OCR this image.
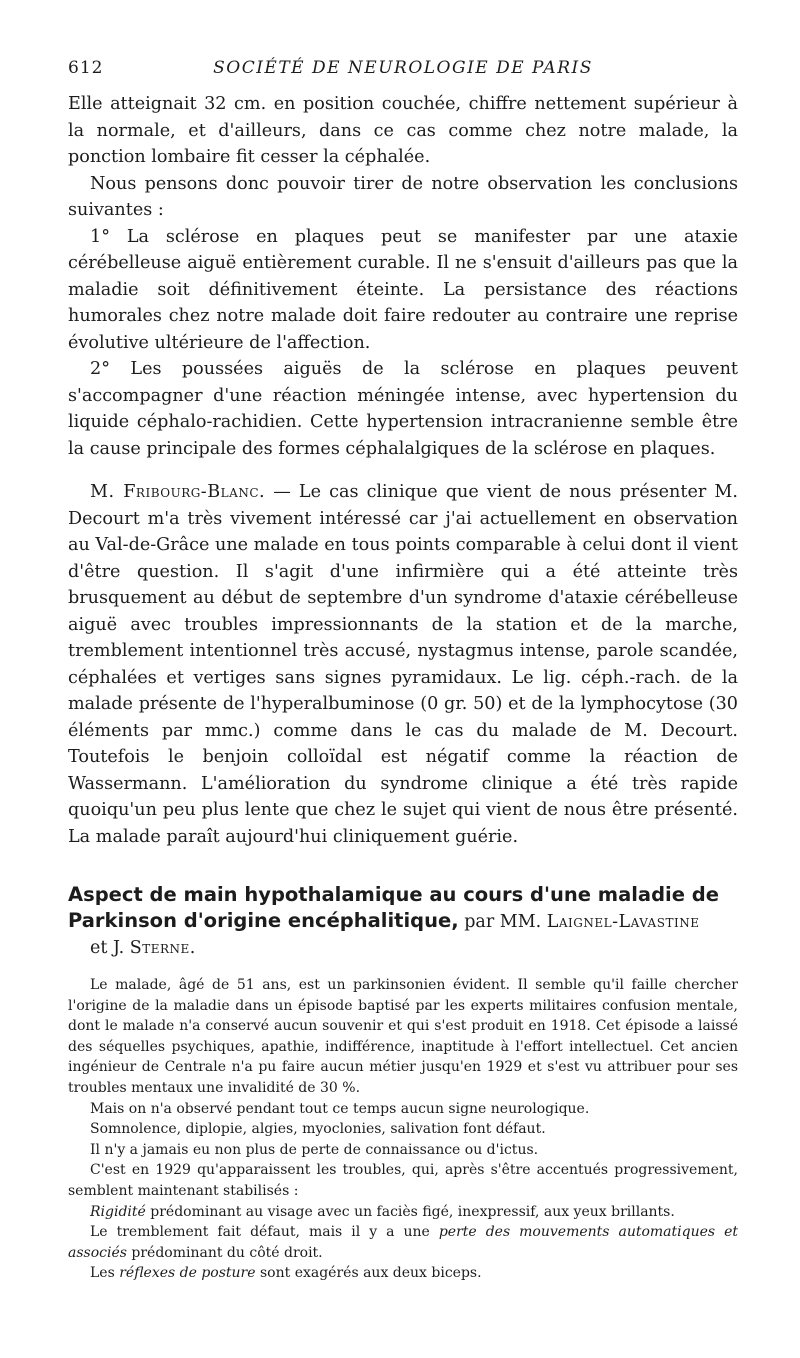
612	SOCIÉTÉ DE NEUROLOGIE DE PARIS

Elle atteignait 32 cm. en position couchée, chiffre nettement supérieur à la normale, et d'ailleurs, dans ce cas comme chez notre malade, la ponction lombaire fit cesser la céphalée.

Nous pensons donc pouvoir tirer de notre observation les conclusions suivantes :

1° La sclérose en plaques peut se manifester par une ataxie cérébelleuse aiguë entièrement curable. Il ne s'ensuit d'ailleurs pas que la maladie soit définitivement éteinte. La persistance des réactions humorales chez notre malade doit faire redouter au contraire une reprise évolutive ultérieure de l'affection.

2° Les poussées aiguës de la sclérose en plaques peuvent s'accompagner d'une réaction méningée intense, avec hypertension du liquide céphalo-rachidien. Cette hypertension intracranienne semble être la cause principale des formes céphalalgiques de la sclérose en plaques.

M. Fribourg-Blanc. — Le cas clinique que vient de nous présenter M. Decourt m'a très vivement intéressé car j'ai actuellement en observation au Val-de-Grâce une malade en tous points comparable à celui dont il vient d'être question. Il s'agit d'une infirmière qui a été atteinte très brusquement au début de septembre d'un syndrome d'ataxie cérébelleuse aiguë avec troubles impressionnants de la station et de la marche, tremblement intentionnel très accusé, nystagmus intense, parole scandée, céphalées et vertiges sans signes pyramidaux. Le lig. céph.-rach. de la malade présente de l'hyperalbuminose (0 gr. 50) et de la lymphocytose (30 éléments par mmc.) comme dans le cas du malade de M. Decourt. Toutefois le benjoin colloïdal est négatif comme la réaction de Wassermann. L'amélioration du syndrome clinique a été très rapide quoiqu'un peu plus lente que chez le sujet qui vient de nous être présenté. La malade paraît aujourd'hui cliniquement guérie.

Aspect de main hypothalamique au cours d'une maladie de Parkinson d'origine encéphalitique, par MM. Laignel-Lavastine

et J. Sterne.

Le malade, âgé de 51 ans, est un parkinsonien évident. Il semble qu'il faille chercher l'origine de la maladie dans un épisode baptisé par les experts militaires confusion mentale, dont le malade n'a conservé aucun souvenir et qui s'est produit en 1918. Cet épisode a laissé des séquelles psychiques, apathie, indifférence, inaptitude à l'effort intellectuel. Cet ancien ingénieur de Centrale n'a pu faire aucun métier jusqu'en 1929 et s'est vu attribuer pour ses troubles mentaux une invalidité de 30 %.

Mais on n'a observé pendant tout ce temps aucun signe neurologique.

Somnolence, diplopie, algies, myoclonies, salivation font défaut.

Il n'y a jamais eu non plus de perte de connaissance ou d'ictus.

C'est en 1929 qu'apparaissent les troubles, qui, après s'être accentués progressivement, semblent maintenant stabilisés :

Rigidité prédominant au visage avec un faciès figé, inexpressif, aux yeux brillants.

Le tremblement fait défaut, mais il y a une perte des mouvements automatiques et associés prédominant du côté droit.

Les réflexes de posture sont exagérés aux deux biceps.
